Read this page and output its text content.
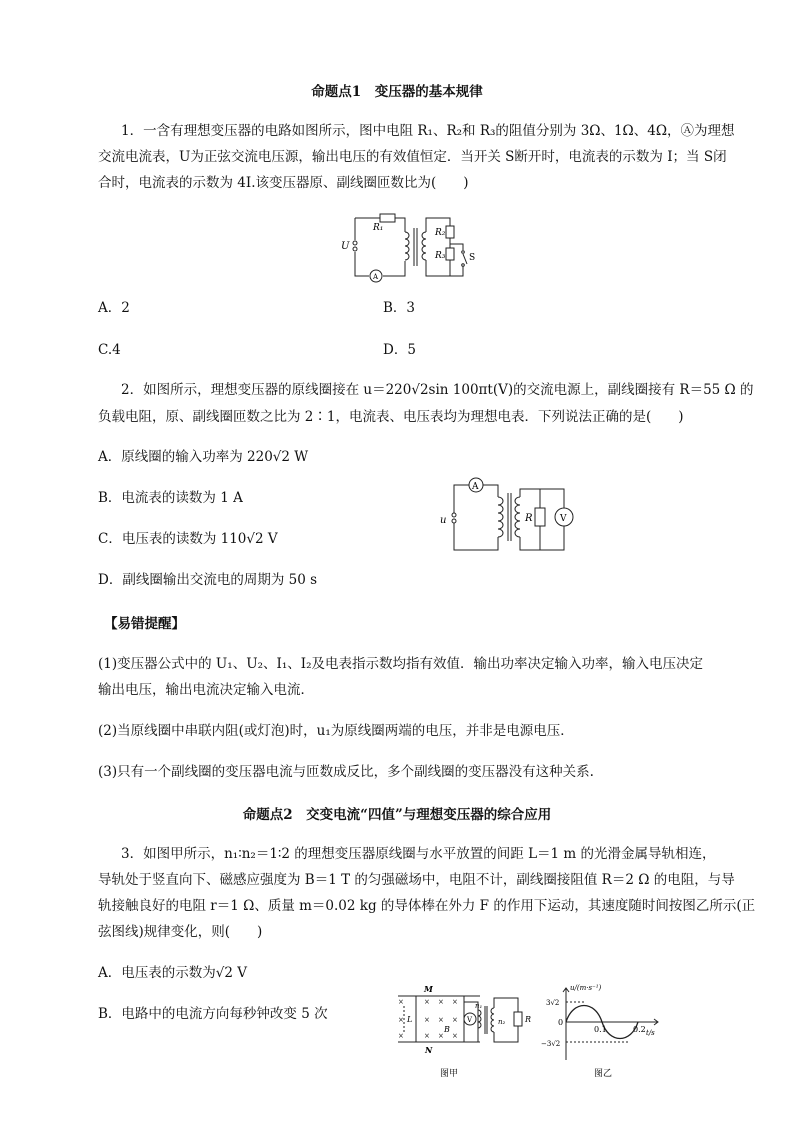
命题点1　变压器的基本规律
1．一含有理想变压器的电路如图所示，图中电阻 R₁、R₂和 R₃的阻值分别为 3Ω、1Ω、4Ω，Ⓐ为理想
交流电流表，U为正弦交流电压源，输出电压的有效值恒定．当开关 S断开时，电流表的示数为 I；当 S闭
合时，电流表的示数为 4I.该变压器原、副线圈匝数比为(　　)
R₁	R₂
R₃	S
U
A
A．2	B．3
C.4	D．5
2．如图所示，理想变压器的原线圈接在 u＝220√2sin 100πt(V)的交流电源上，副线圈接有 R＝55 Ω 的
负载电阻，原、副线圈匝数之比为 2∶1，电流表、电压表均为理想电表．下列说法正确的是(　　)
A．原线圈的输入功率为 220√2 W
B．电流表的读数为 1 A
C．电压表的读数为 110√2 V
D．副线圈输出交流电的周期为 50 s
A
V
R
u
【易错提醒】
(1)变压器公式中的 U₁、U₂、I₁、I₂及电表指示数均指有效值．输出功率决定输入功率，输入电压决定
输出电压，输出电流决定输入电流．
(2)当原线圈中串联内阻(或灯泡)时，u₁为原线圈两端的电压，并非是电源电压．
(3)只有一个副线圈的变压器电流与匝数成反比，多个副线圈的变压器没有这种关系.
命题点2　交变电流“四值”与理想变压器的综合应用
3．如图甲所示，n₁∶n₂＝1∶2 的理想变压器原线圈与水平放置的间距 L＝1 m 的光滑金属导轨相连，
导轨处于竖直向下、磁感应强度为 B＝1 T 的匀强磁场中，电阻不计，副线圈接阻值 R＝2 Ω 的电阻，与导
轨接触良好的电阻 r＝1 Ω、质量 m＝0.02 kg 的导体棒在外力 F 的作用下运动，其速度随时间按图乙所示(正
弦图线)规律变化，则(　　)
A．电压表的示数为√2 V
B．电路中的电流方向每秒钟改变 5 次
×	× × ×
×	× × ×
×	× × ×
M
N
L
B
V
n₁
n₂ R
图甲
u/(m·s⁻¹)
t/s
3√2
−3√2
0
0.1	0.2
图乙
